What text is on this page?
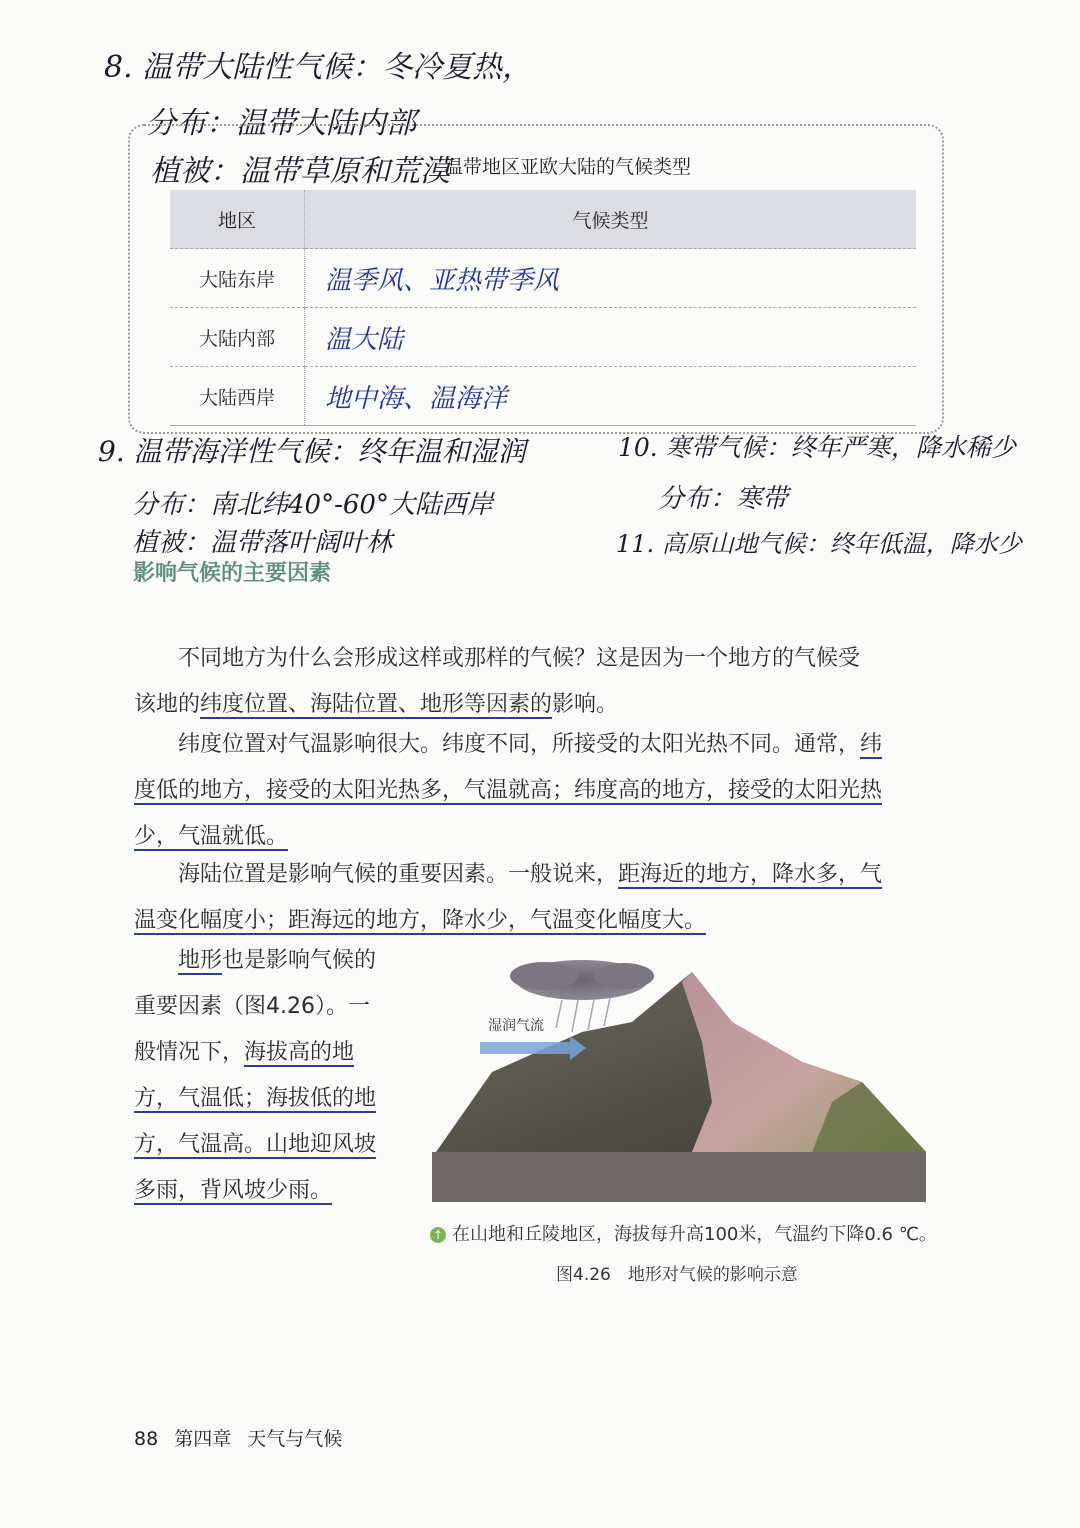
8. 温带大陆性气候：冬冷夏热，
分布：温带大陆内部
植被：温带草原和荒漠
温带地区亚欧大陆的气候类型
地区	气候类型
大陆东岸	温季风、亚热带季风
大陆内部	温大陆
大陆西岸	地中海、温海洋
9. 温带海洋性气候：终年温和湿润
分布：南北纬40°-60°大陆西岸
植被：温带落叶阔叶林
10. 寒带气候：终年严寒，降水稀少
分布：寒带
11. 高原山地气候：终年低温，降水少
影响气候的主要因素
不同地方为什么会形成这样或那样的气候？这是因为一个地方的气候受
该地的纬度位置、海陆位置、地形等因素的影响。
纬度位置对气温影响很大。纬度不同，所接受的太阳光热不同。通常，纬
度低的地方，接受的太阳光热多，气温就高；纬度高的地方，接受的太阳光热
少，气温就低。
海陆位置是影响气候的重要因素。一般说来，距海近的地方，降水多，气
温变化幅度小；距海远的地方，降水少，气温变化幅度大。
地形也是影响气候的
重要因素（图4.26）。一
般情况下，海拔高的地
方，气温低；海拔低的地
方，气温高。山地迎风坡
多雨，背风坡少雨。
湿润气流
↑ 在山地和丘陵地区，海拔每升高100米，气温约下降0.6 ℃。
图4.26　地形对气候的影响示意
88 第四章 天气与气候
